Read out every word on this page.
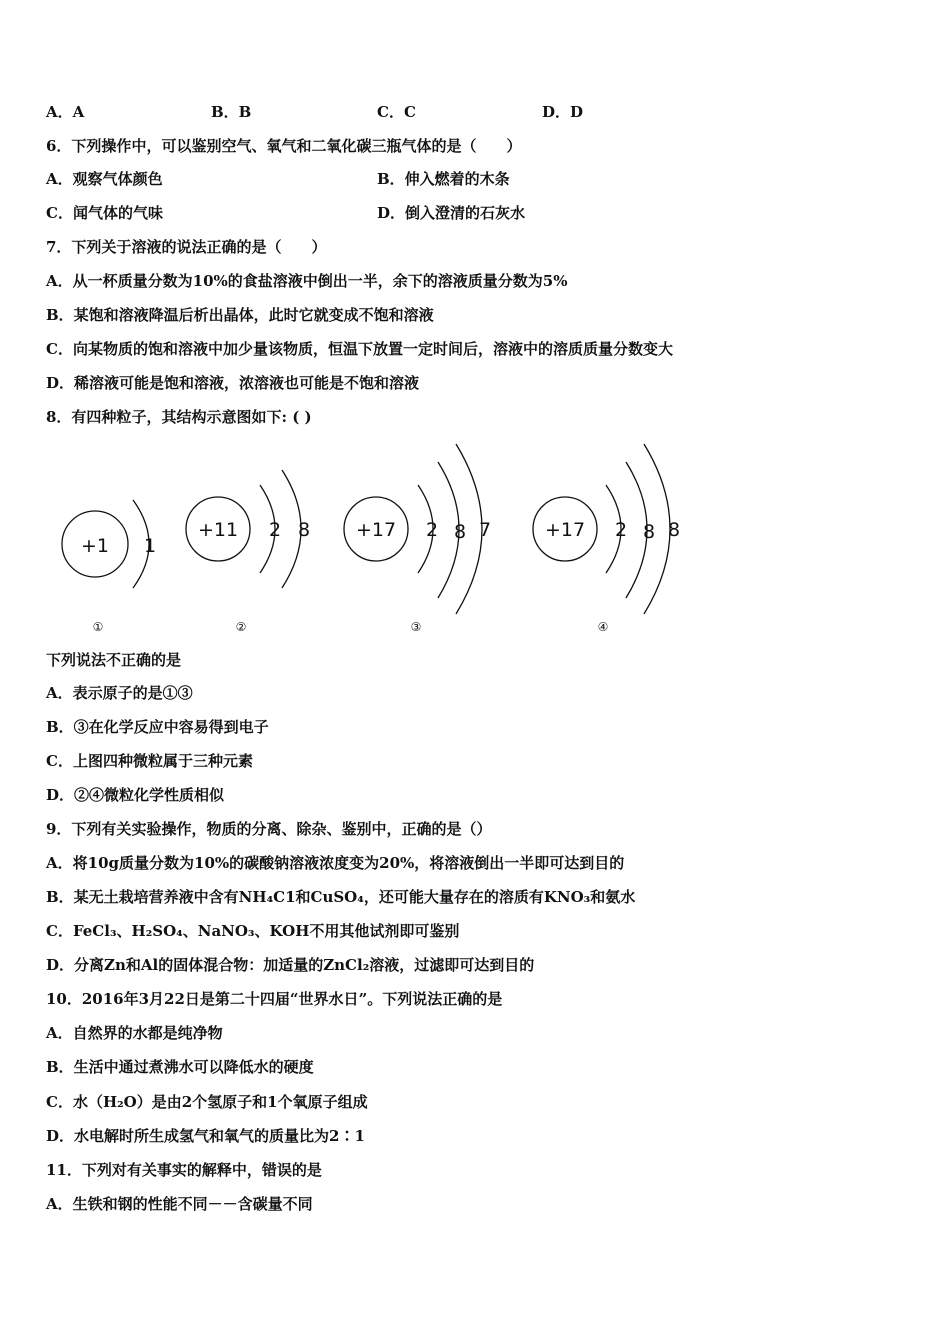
A．A	B．B	C．C	D．D
6．下列操作中，可以鉴别空气、氧气和二氧化碳三瓶气体的是（　　）
A．观察气体颜色	B．伸入燃着的木条
C．闻气体的气味	D．倒入澄清的石灰水
7．下列关于溶液的说法正确的是（　　）
A．从一杯质量分数为10%的食盐溶液中倒出一半，余下的溶液质量分数为5%
B．某饱和溶液降温后析出晶体，此时它就变成不饱和溶液
C．向某物质的饱和溶液中加少量该物质，恒温下放置一定时间后，溶液中的溶质质量分数变大
D．稀溶液可能是饱和溶液，浓溶液也可能是不饱和溶液
8．有四种粒子，其结构示意图如下: ( )
+1 1
①
+11 2 8
②
+17 2 8 7
③
+17 2 8 8
④
下列说法不正确的是
A．表示原子的是①③
B．③在化学反应中容易得到电子
C．上图四种微粒属于三种元素
D．②④微粒化学性质相似
9．下列有关实验操作，物质的分离、除杂、鉴别中，正确的是（）
A．将10g质量分数为10%的碳酸钠溶液浓度变为20%，将溶液倒出一半即可达到目的
B．某无土栽培营养液中含有NH₄C1和CuSO₄，还可能大量存在的溶质有KNO₃和氨水
C．FeCl₃、H₂SO₄、NaNO₃、KOH不用其他试剂即可鉴别
D．分离Zn和Al的固体混合物：加适量的ZnCl₂溶液，过滤即可达到目的
10．2016年3月22日是第二十四届“世界水日”。下列说法正确的是
A．自然界的水都是纯净物
B．生活中通过煮沸水可以降低水的硬度
C．水（H₂O）是由2个氢原子和1个氧原子组成
D．水电解时所生成氢气和氧气的质量比为2∶1
11．下列对有关事实的解释中，错误的是
A．生铁和钢的性能不同－－含碳量不同
